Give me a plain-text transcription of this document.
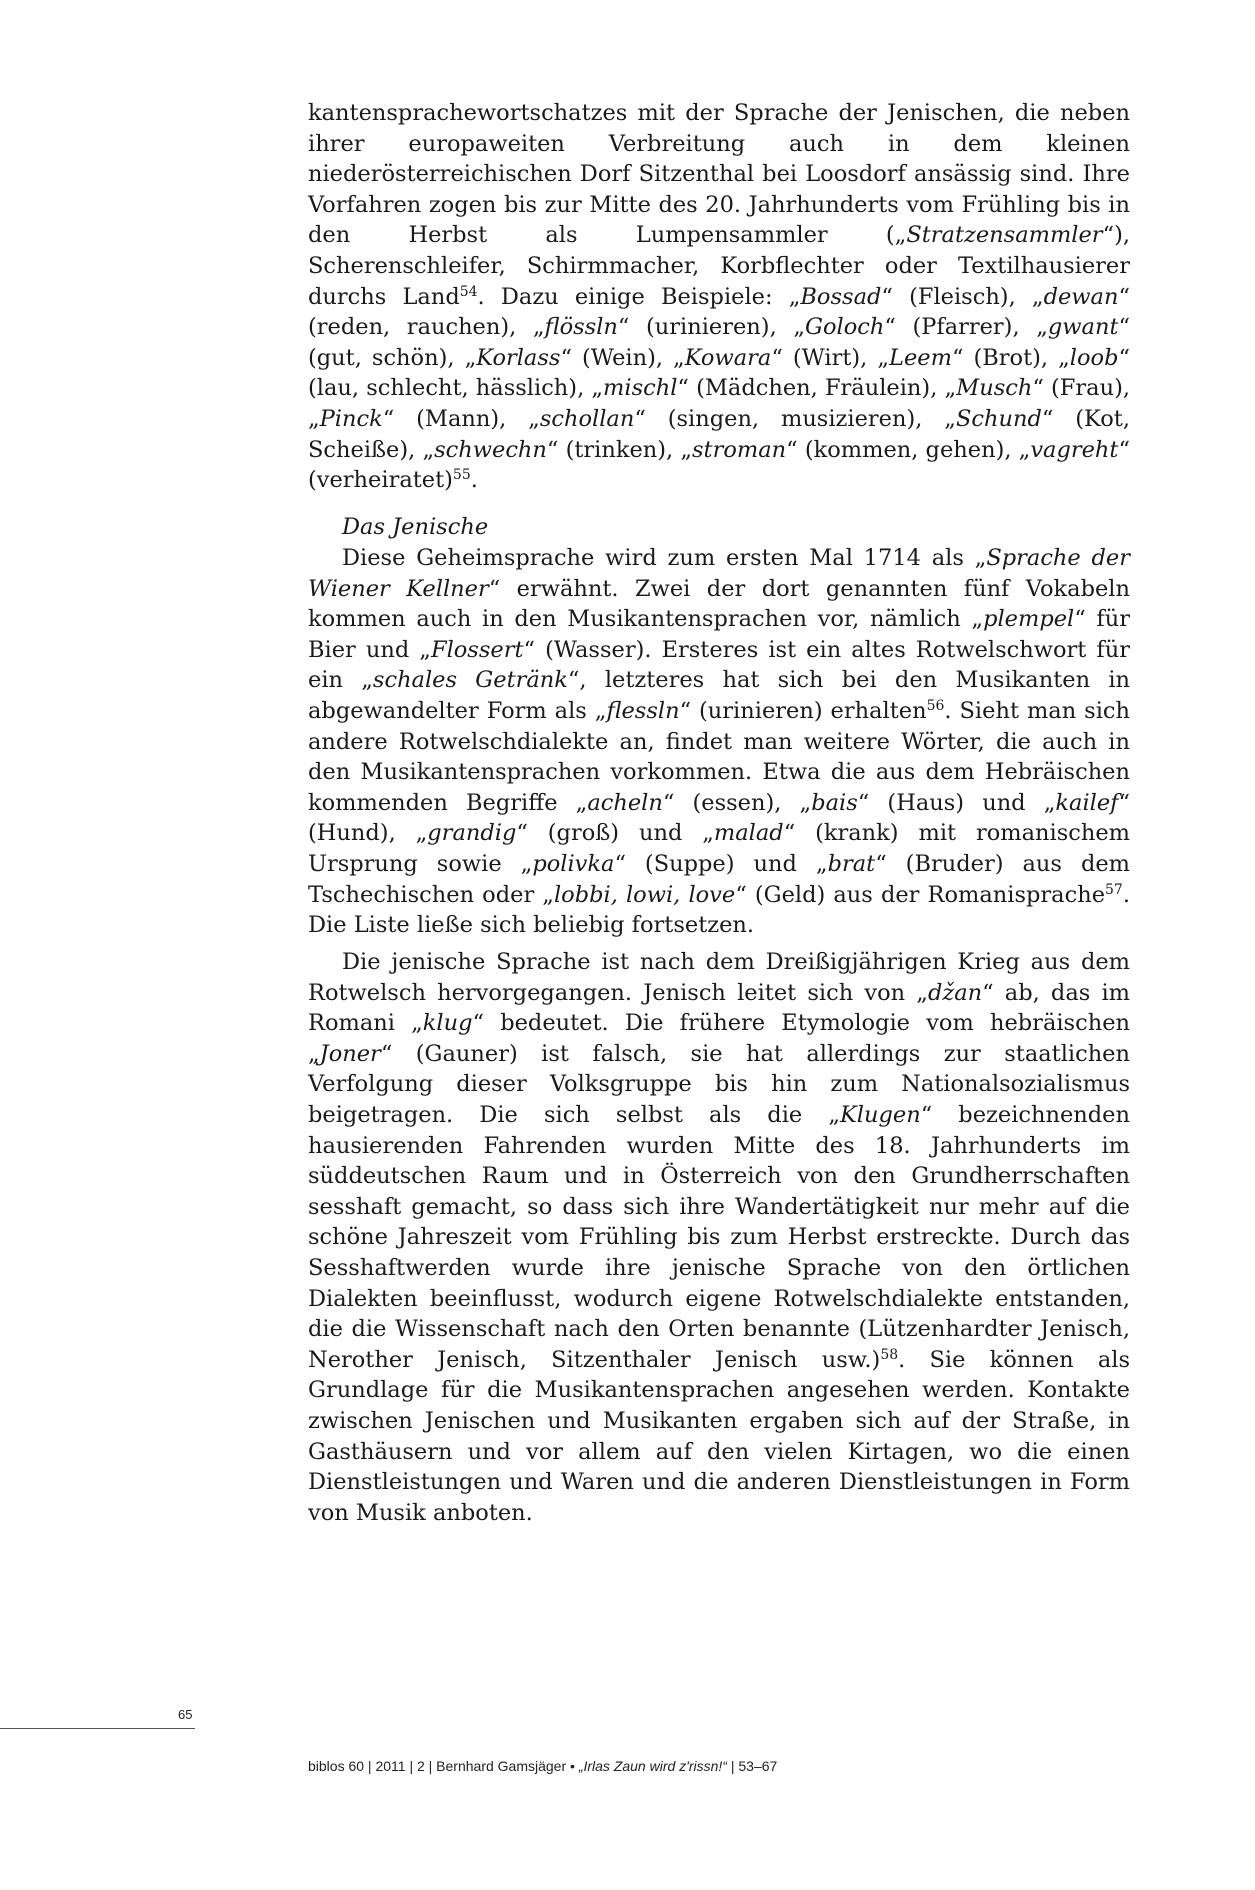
kantensprachewortschatzes mit der Sprache der Jenischen, die neben ihrer europaweiten Verbreitung auch in dem kleinen niederösterreichischen Dorf Sitzenthal bei Loosdorf ansässig sind. Ihre Vorfahren zogen bis zur Mitte des 20. Jahrhunderts vom Frühling bis in den Herbst als Lumpensammler („Stratzensammler“), Scherenschleifer, Schirmmacher, Korbflechter oder Textilhausierer durchs Land$^{54}$. Dazu einige Beispiele: „Bossad“ (Fleisch), „dewan“ (reden, rauchen), „flössln“ (urinieren), „Goloch“ (Pfarrer), „gwant“ (gut, schön), „Korlass“ (Wein), „Kowara“ (Wirt), „Leem“ (Brot), „loob“ (lau, schlecht, hässlich), „mischl“ (Mädchen, Fräulein), „Musch“ (Frau), „Pinck“ (Mann), „schollan“ (singen, musizieren), „Schund“ (Kot, Scheiße), „schwechn“ (trinken), „stroman“ (kommen, gehen), „vagreht“ (verheiratet)$^{55}$.

Das Jenische

Diese Geheimsprache wird zum ersten Mal 1714 als „Sprache der Wiener Kellner“ erwähnt. Zwei der dort genannten fünf Vokabeln kommen auch in den Musikantensprachen vor, nämlich „plempel“ für Bier und „Flossert“ (Wasser). Ersteres ist ein altes Rotwelschwort für ein „schales Getränk“, letzteres hat sich bei den Musikanten in abgewandelter Form als „flessln“ (urinieren) erhalten$^{56}$. Sieht man sich andere Rotwelschdialekte an, findet man weitere Wörter, die auch in den Musikantensprachen vorkommen. Etwa die aus dem Hebräischen kommenden Begriffe „acheln“ (essen), „bais“ (Haus) und „kailef“ (Hund), „grandig“ (groß) und „malad“ (krank) mit romanischem Ursprung sowie „polivka“ (Suppe) und „brat“ (Bruder) aus dem Tschechischen oder „lobbi, lowi, love“ (Geld) aus der Romanisprache$^{57}$. Die Liste ließe sich beliebig fortsetzen.

Die jenische Sprache ist nach dem Dreißigjährigen Krieg aus dem Rotwelsch hervorgegangen. Jenisch leitet sich von „džan“ ab, das im Romani „klug“ bedeutet. Die frühere Etymologie vom hebräischen „Joner“ (Gauner) ist falsch, sie hat allerdings zur staatlichen Verfolgung dieser Volksgruppe bis hin zum Nationalsozialismus beigetragen. Die sich selbst als die „Klugen“ bezeichnenden hausierenden Fahrenden wurden Mitte des 18. Jahrhunderts im süddeutschen Raum und in Österreich von den Grundherrschaften sesshaft gemacht, so dass sich ihre Wandertätigkeit nur mehr auf die schöne Jahreszeit vom Frühling bis zum Herbst erstreckte. Durch das Sesshaftwerden wurde ihre jenische Sprache von den örtlichen Dialekten beeinflusst, wodurch eigene Rotwelschdialekte entstanden, die die Wissenschaft nach den Orten benannte (Lützenhardter Jenisch, Nerother Jenisch, Sitzenthaler Jenisch usw.)$^{58}$. Sie können als Grundlage für die Musikantensprachen angesehen werden. Kontakte zwischen Jenischen und Musikanten ergaben sich auf der Straße, in Gasthäusern und vor allem auf den vielen Kirtagen, wo die einen Dienstleistungen und Waren und die anderen Dienstleistungen in Form von Musik anboten.

65
biblos 60 | 2011 | 2 | Bernhard Gamsjäger • „Irlas Zaun wird z'rissn!“ | 53–67
